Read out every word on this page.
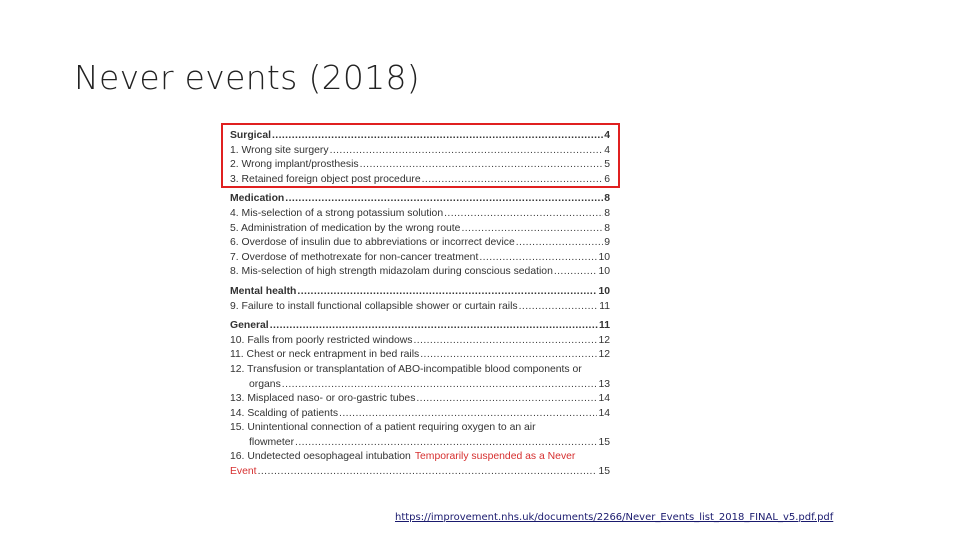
Never events (2018)
Surgical .....	4
1. Wrong site surgery .....	4
2. Wrong implant/prosthesis .....	5
3. Retained foreign object post procedure .....	6
Medication .....	8
4. Mis-selection of a strong potassium solution .....	8
5. Administration of medication by the wrong route .....	8
6. Overdose of insulin due to abbreviations or incorrect device .....	9
7. Overdose of methotrexate for non-cancer treatment .....	10
8. Mis-selection of high strength midazolam during conscious sedation .....	10
Mental health .....	10
9. Failure to install functional collapsible shower or curtain rails .....	11
General .....	11
10. Falls from poorly restricted windows .....	12
11. Chest or neck entrapment in bed rails .....	12
12. Transfusion or transplantation of ABO-incompatible blood components or
organs .....	13
13. Misplaced naso- or oro-gastric tubes .....	14
14. Scalding of patients .....	14
15. Unintentional connection of a patient requiring oxygen to an air
flowmeter .....	15
16. Undetected oesophageal intubation Temporarily suspended as a Never
Event .....	15
https://improvement.nhs.uk/documents/2266/Never_Events_list_2018_FINAL_v5.pdf.pdf
